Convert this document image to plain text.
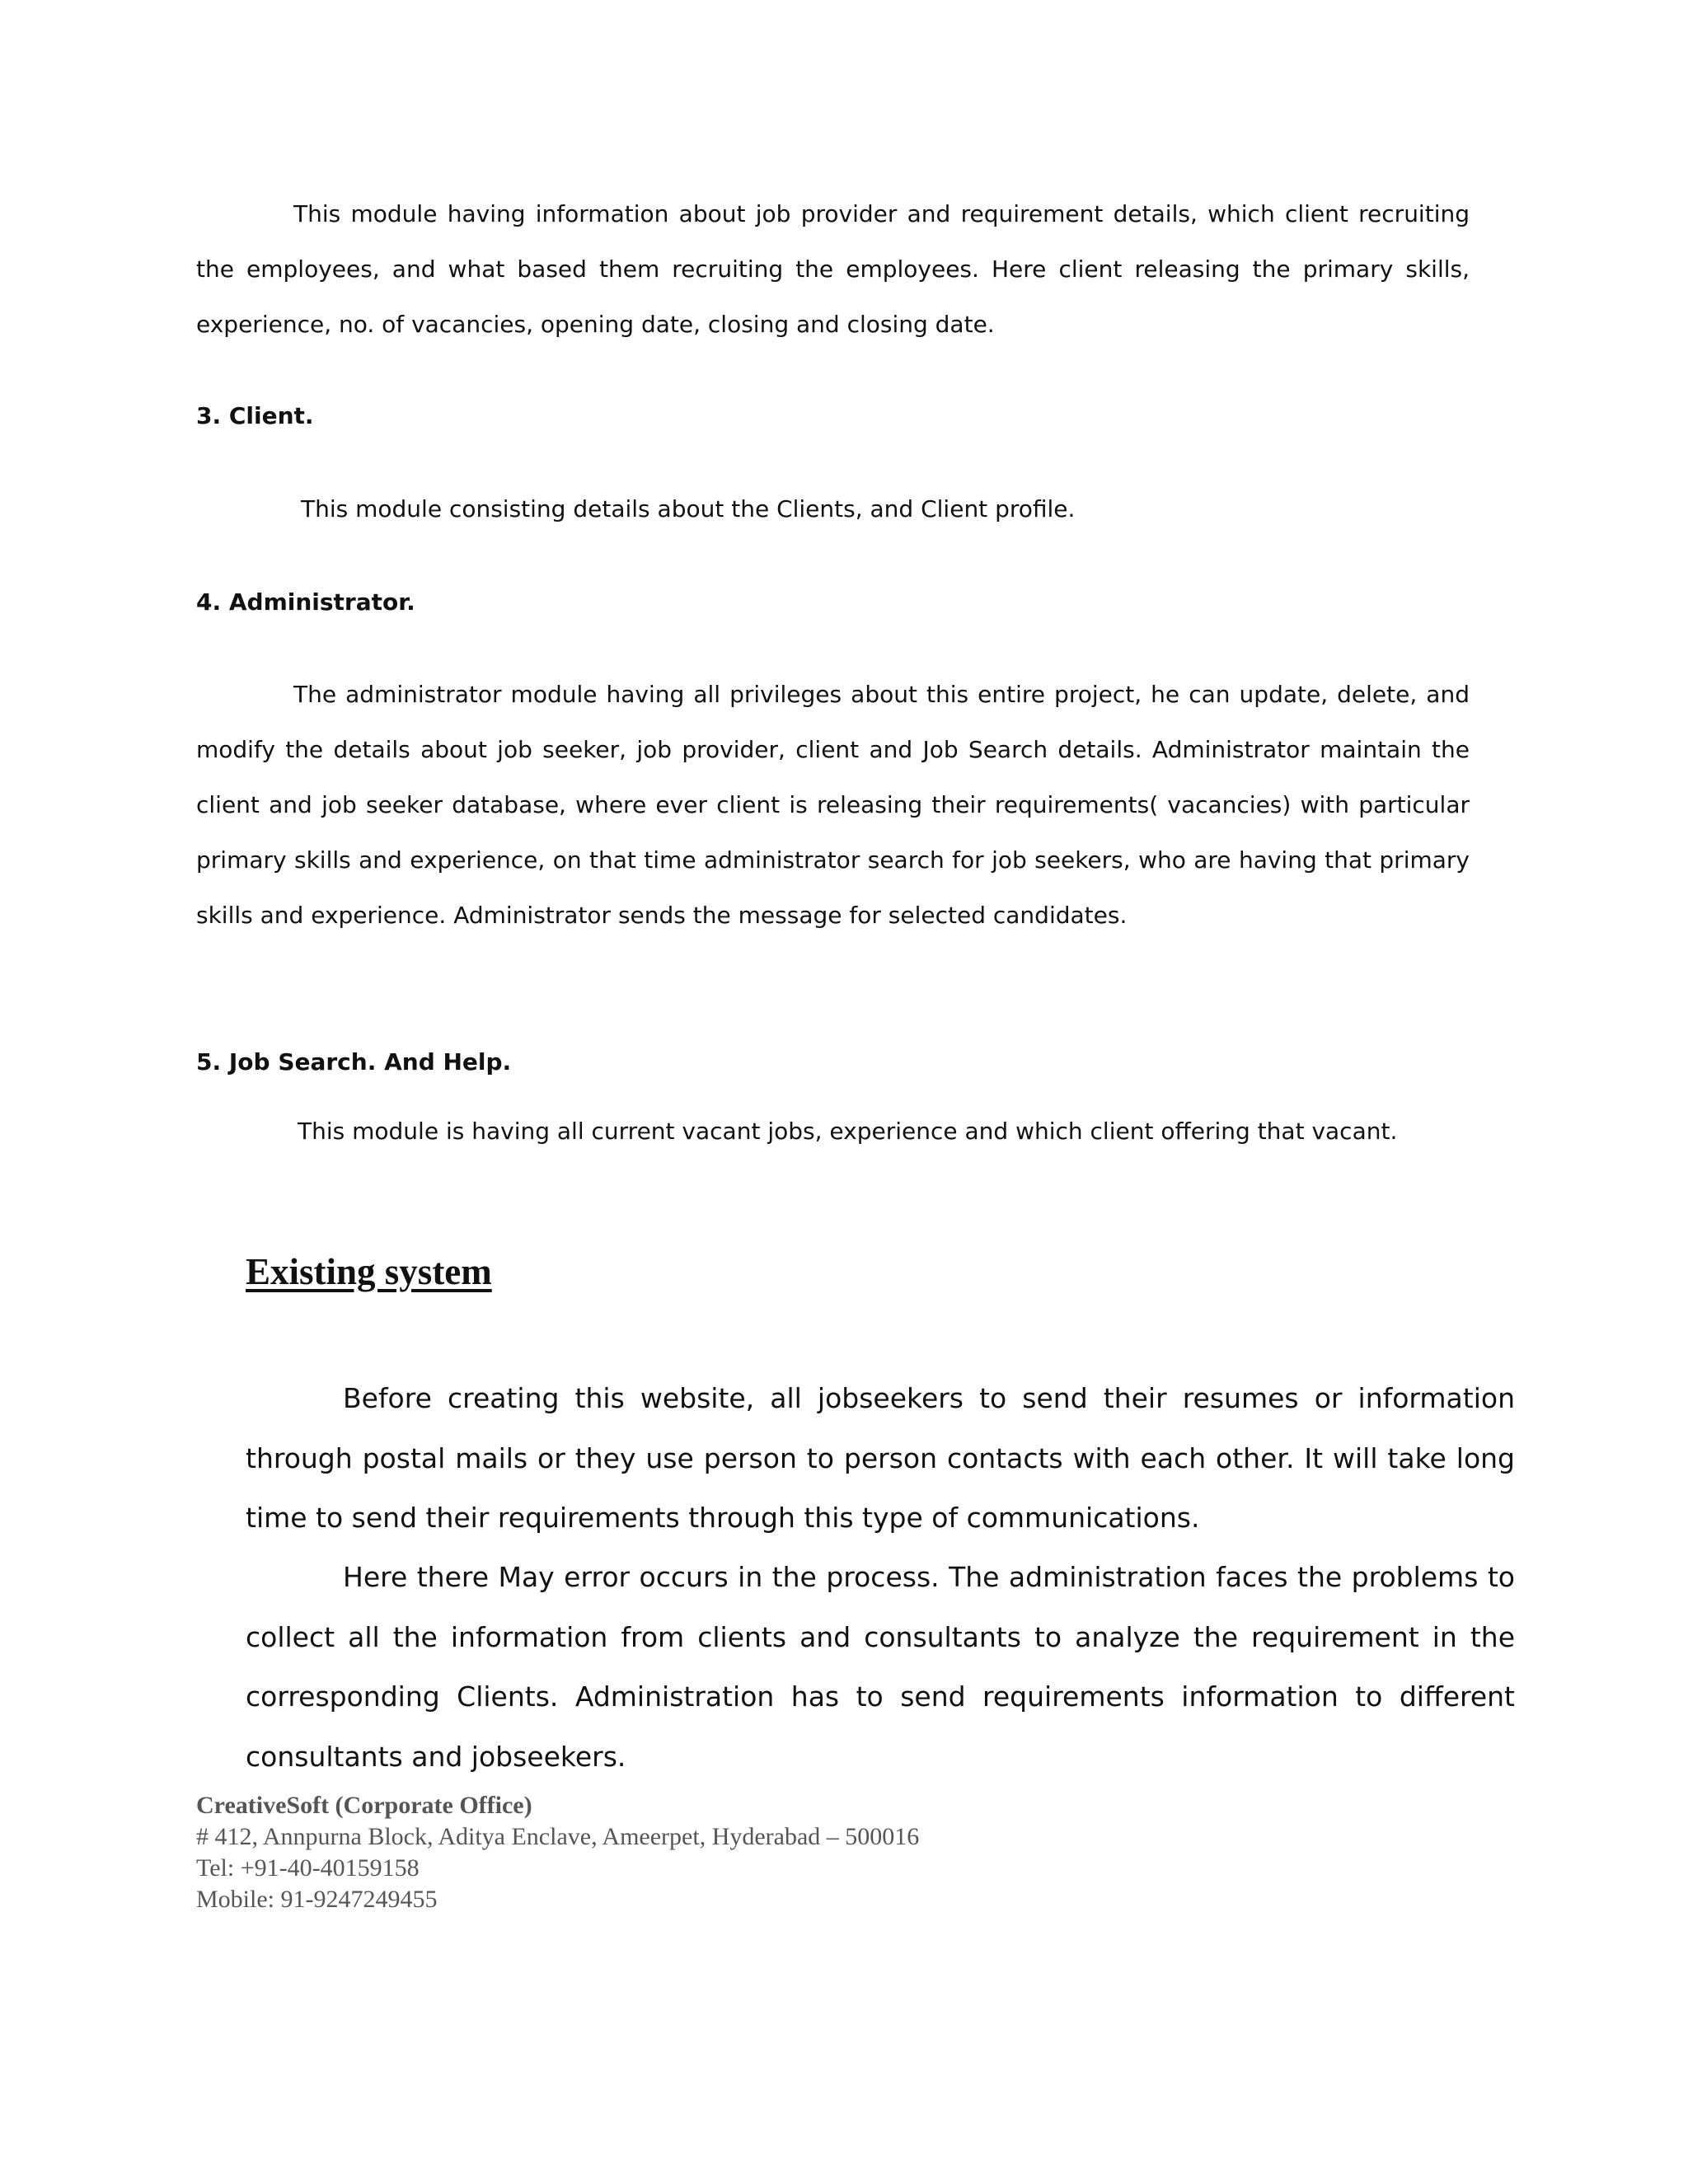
This module having information about job provider and requirement details, which client recruiting the employees, and what based them recruiting the employees. Here client releasing the primary skills, experience, no. of vacancies, opening date, closing and closing date.

3. Client.

This module consisting details about the Clients, and Client profile.

4. Administrator.

The administrator module having all privileges about this entire project, he can update, delete, and modify the details about job seeker, job provider, client and Job Search details. Administrator maintain the client and job seeker database, where ever client is releasing their requirements( vacancies) with particular primary skills and experience, on that time administrator search for job seekers, who are having that primary skills and experience. Administrator sends the message for selected candidates.

5. Job Search. And Help.

This module is having all current vacant jobs, experience and which client offering that vacant.

Existing system

Before creating this website, all jobseekers to send their resumes or information through postal mails or they use person to person contacts with each other. It will take long time to send their requirements through this type of communications.

Here there May error occurs in the process. The administration faces the problems to collect all the information from clients and consultants to analyze the requirement in the corresponding Clients. Administration has to send requirements information to different consultants and jobseekers.

CreativeSoft (Corporate Office)
# 412, Annpurna Block, Aditya Enclave, Ameerpet, Hyderabad – 500016
Tel: +91-40-40159158
Mobile: 91-9247249455
